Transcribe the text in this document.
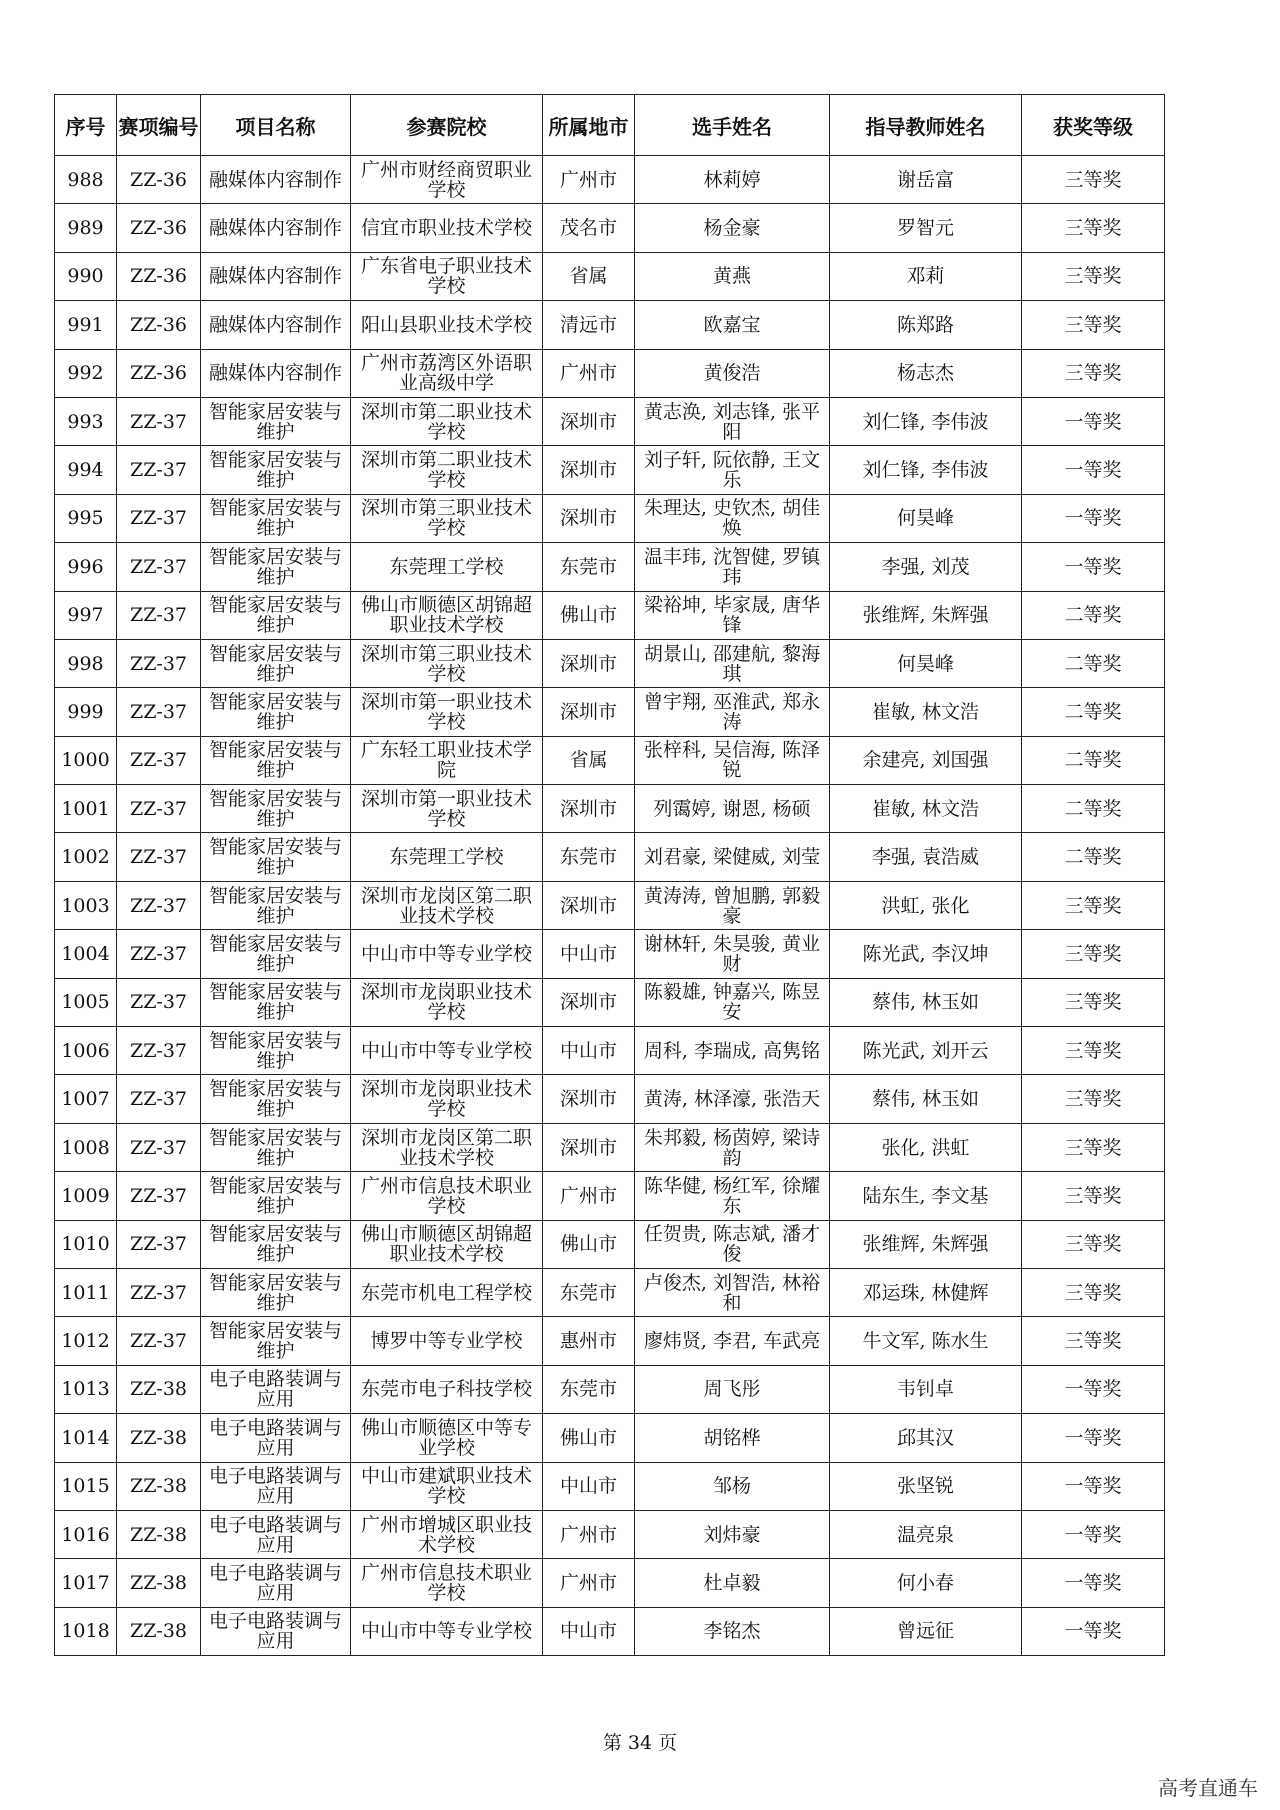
序号	赛项编号	项目名称	参赛院校	所属地市	选手姓名	指导教师姓名	获奖等级

988	ZZ-36	融媒体内容制作	广州市财经商贸职业学校	广州市	林莉婷	谢岳富	三等奖

989	ZZ-36	融媒体内容制作	信宜市职业技术学校	茂名市	杨金豪	罗智元	三等奖

990	ZZ-36	融媒体内容制作	广东省电子职业技术学校	省属	黄燕	邓莉	三等奖

991	ZZ-36	融媒体内容制作	阳山县职业技术学校	清远市	欧嘉宝	陈郑路	三等奖

992	ZZ-36	融媒体内容制作	广州市荔湾区外语职业高级中学	广州市	黄俊浩	杨志杰	三等奖

993	ZZ-37	智能家居安装与维护	深圳市第二职业技术学校	深圳市	黄志涣, 刘志锋, 张平阳	刘仁锋, 李伟波	一等奖

994	ZZ-37	智能家居安装与维护	深圳市第二职业技术学校	深圳市	刘子轩, 阮依静, 王文乐	刘仁锋, 李伟波	一等奖

995	ZZ-37	智能家居安装与维护	深圳市第三职业技术学校	深圳市	朱理达, 史钦杰, 胡佳焕	何昊峰	一等奖

996	ZZ-37	智能家居安装与维护	东莞理工学校	东莞市	温丰玮, 沈智健, 罗镇玮	李强, 刘茂	一等奖

997	ZZ-37	智能家居安装与维护	佛山市顺德区胡锦超职业技术学校	佛山市	梁裕坤, 毕家晟, 唐华锋	张维辉, 朱辉强	二等奖

998	ZZ-37	智能家居安装与维护	深圳市第三职业技术学校	深圳市	胡景山, 邵建航, 黎海琪	何昊峰	二等奖

999	ZZ-37	智能家居安装与维护	深圳市第一职业技术学校	深圳市	曾宇翔, 巫淮武, 郑永涛	崔敏, 林文浩	二等奖

1000	ZZ-37	智能家居安装与维护	广东轻工职业技术学院	省属	张梓科, 吴信海, 陈泽锐	余建亮, 刘国强	二等奖

1001	ZZ-37	智能家居安装与维护	深圳市第一职业技术学校	深圳市	列霭婷, 谢恩, 杨硕	崔敏, 林文浩	二等奖

1002	ZZ-37	智能家居安装与维护	东莞理工学校	东莞市	刘君豪, 梁健威, 刘莹	李强, 袁浩威	二等奖

1003	ZZ-37	智能家居安装与维护	深圳市龙岗区第二职业技术学校	深圳市	黄涛涛, 曾旭鹏, 郭毅豪	洪虹, 张化	三等奖

1004	ZZ-37	智能家居安装与维护	中山市中等专业学校	中山市	谢林轩, 朱昊骏, 黄业财	陈光武, 李汉坤	三等奖

1005	ZZ-37	智能家居安装与维护	深圳市龙岗职业技术学校	深圳市	陈毅雄, 钟嘉兴, 陈昱安	蔡伟, 林玉如	三等奖

1006	ZZ-37	智能家居安装与维护	中山市中等专业学校	中山市	周科, 李瑞成, 高隽铭	陈光武, 刘开云	三等奖

1007	ZZ-37	智能家居安装与维护	深圳市龙岗职业技术学校	深圳市	黄涛, 林泽濠, 张浩天	蔡伟, 林玉如	三等奖

1008	ZZ-37	智能家居安装与维护	深圳市龙岗区第二职业技术学校	深圳市	朱邦毅, 杨茵婷, 梁诗韵	张化, 洪虹	三等奖

1009	ZZ-37	智能家居安装与维护	广州市信息技术职业学校	广州市	陈华健, 杨红军, 徐耀东	陆东生, 李文基	三等奖

1010	ZZ-37	智能家居安装与维护	佛山市顺德区胡锦超职业技术学校	佛山市	任贺贵, 陈志斌, 潘才俊	张维辉, 朱辉强	三等奖

1011	ZZ-37	智能家居安装与维护	东莞市机电工程学校	东莞市	卢俊杰, 刘智浩, 林裕和	邓运珠, 林健辉	三等奖

1012	ZZ-37	智能家居安装与维护	博罗中等专业学校	惠州市	廖炜贤, 李君, 车武亮	牛文军, 陈水生	三等奖

1013	ZZ-38	电子电路装调与应用	东莞市电子科技学校	东莞市	周飞彤	韦钊卓	一等奖

1014	ZZ-38	电子电路装调与应用	佛山市顺德区中等专业学校	佛山市	胡铭桦	邱其汉	一等奖

1015	ZZ-38	电子电路装调与应用	中山市建斌职业技术学校	中山市	邹杨	张坚锐	一等奖

1016	ZZ-38	电子电路装调与应用	广州市增城区职业技术学校	广州市	刘炜豪	温亮泉	一等奖

1017	ZZ-38	电子电路装调与应用	广州市信息技术职业学校	广州市	杜卓毅	何小春	一等奖

1018	ZZ-38	电子电路装调与应用	中山市中等专业学校	中山市	李铭杰	曾远征	一等奖
第 34 页
高考直通车
